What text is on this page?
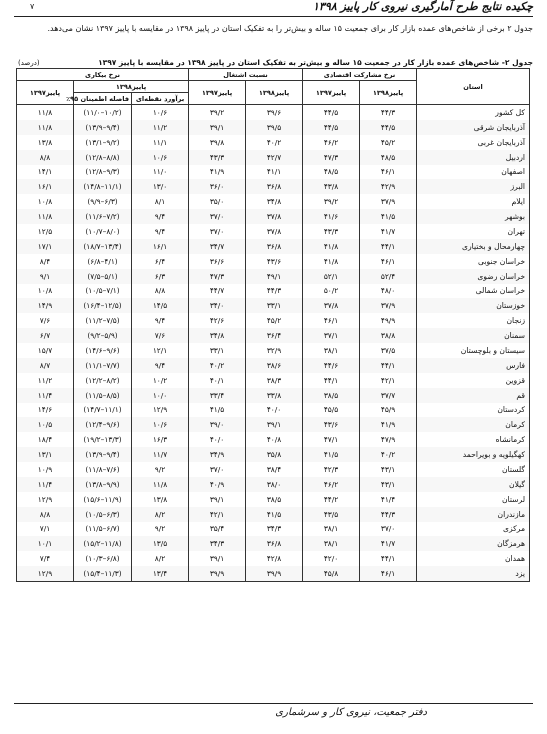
چکیده نتایج طرح آمارگیری نیروی کار پاییز ۱۳۹۸
۷
جدول ۲ برخی از شاخص‌های عمده بازار کار برای جمعیت ۱۵ ساله و بیش‌تر را به تفکیک استان در پاییز ۱۳۹۸ در مقایسه با پاییز ۱۳۹۷ نشان می‌دهد.
جدول ۲- شاخص‌های عمده بازار کار در جمعیت ۱۵ ساله و بیش‌تر به تفکیک استان در پاییز ۱۳۹۸ در مقایسه با پاییز ۱۳۹۷
(درصد)
استان	نرخ مشارکت اقتصادی		نسبت اشتغال		نرخ بیکاری		
	پاییز۱۳۹۸	پاییز۱۳۹۷	پاییز۱۳۹۸	پاییز۱۳۹۷	پاییز۱۳۹۸		پاییز۱۳۹۷
					برآورد نقطه‌ای	فاصله اطمینان ۹۵٪	
کل کشور	۴۴/۳	۴۴/۵	۳۹/۶	۳۹/۲	۱۰/۶	(۱۰/۲–۱۱/۰)	۱۱/۸
آذربایجان شرقی	۴۴/۵	۴۴/۵	۳۹/۵	۳۹/۱	۱۱/۲	(۹/۴–۱۳/۹)	۱۱/۸
آذربایجان غربی	۴۵/۲	۴۶/۲	۴۰/۲	۳۹/۸	۱۱/۱	(۹/۲–۱۳/۱)	۱۳/۸
اردبیل	۴۸/۵	۴۷/۳	۴۲/۷	۴۳/۳	۱۰/۶	(۸/۸–۱۲/۸)	۸/۸
اصفهان	۴۶/۱	۴۸/۵	۴۱/۱	۴۱/۹	۱۱/۰	(۹/۳–۱۲/۸)	۱۴/۱
البرز	۴۲/۹	۴۳/۸	۳۶/۸	۳۶/۰	۱۳/۰	(۱۱/۱–۱۴/۸)	۱۶/۱
ایلام	۳۷/۹	۳۹/۲	۳۴/۸	۳۵/۰	۸/۱	(۶/۳–۹/۹)	۱۰/۸
بوشهر	۴۱/۵	۴۱/۶	۳۷/۸	۳۷/۰	۹/۴	(۷/۲–۱۱/۶)	۱۱/۸
تهران	۴۱/۷	۴۳/۳	۳۷/۸	۳۷/۰	۹/۴	(۸/۰–۱۰/۷)	۱۲/۵
چهارمحال و بختیاری	۴۴/۱	۴۱/۸	۳۶/۸	۳۴/۷	۱۶/۱	(۱۳/۴–۱۸/۷)	۱۷/۱
خراسان جنوبی	۴۶/۱	۴۱/۸	۴۳/۶	۳۶/۶	۶/۴	(۴/۱–۶/۸)	۸/۴
خراسان رضوی	۵۲/۴	۵۲/۱	۴۹/۱	۴۷/۳	۶/۳	(۵/۱–۷/۵)	۹/۱
خراسان شمالی	۴۸/۰	۵۰/۲	۴۴/۳	۴۴/۷	۸/۸	(۷/۱–۱۰/۵)	۱۰/۸
خوزستان	۳۷/۹	۳۷/۸	۳۳/۱	۳۴/۰	۱۴/۵	(۱۲/۵–۱۶/۴)	۱۴/۹
زنجان	۴۹/۹	۴۶/۱	۴۵/۲	۴۲/۶	۹/۴	(۷/۵–۱۱/۲)	۷/۶
سمنان	۳۸/۸	۳۷/۱	۳۶/۴	۳۴/۸	۷/۶	(۵/۹–۹/۲)	۶/۷
سیستان و بلوچستان	۳۷/۵	۳۸/۱	۳۲/۹	۳۳/۱	۱۲/۱	(۹/۶–۱۴/۶)	۱۵/۷
فارس	۴۴/۱	۴۴/۶	۳۸/۶	۴۰/۲	۹/۴	(۷/۷–۱۱/۱)	۸/۷
قزوین	۴۲/۱	۴۴/۱	۳۸/۳	۴۰/۱	۱۰/۲	(۸/۲–۱۲/۲)	۱۱/۲
قم	۳۷/۷	۳۸/۵	۳۳/۸	۳۳/۴	۱۰/۰	(۸/۵–۱۱/۵)	۱۱/۴
کردستان	۴۵/۹	۴۵/۵	۴۰/۰	۴۱/۵	۱۲/۹	(۱۱/۱–۱۴/۷)	۱۴/۶
کرمان	۴۱/۹	۴۳/۶	۳۹/۱	۳۹/۰	۱۰/۶	(۹/۶–۱۲/۴)	۱۰/۵
کرمانشاه	۴۷/۹	۴۷/۱	۴۰/۸	۴۰/۰	۱۶/۳	(۱۳/۳–۱۹/۲)	۱۸/۴
کهگیلویه و بویراحمد	۴۰/۲	۴۱/۵	۳۵/۸	۳۴/۹	۱۱/۷	(۹/۴–۱۳/۹)	۱۳/۱
گلستان	۴۳/۱	۴۲/۳	۳۸/۴	۳۷/۰	۹/۲	(۷/۶–۱۱/۸)	۱۰/۹
گیلان	۴۳/۱	۴۶/۲	۳۸/۰	۴۰/۹	۱۱/۸	(۹/۹–۱۳/۸)	۱۱/۴
لرستان	۴۱/۴	۴۴/۲	۳۸/۵	۳۹/۱	۱۳/۸	(۱۱/۹–۱۵/۶)	۱۲/۹
مازندران	۴۴/۳	۴۳/۵	۴۱/۵	۴۲/۱	۸/۲	(۶/۳–۱۰/۵)	۸/۸
مرکزی	۳۷/۰	۳۸/۱	۳۴/۳	۳۵/۴	۹/۲	(۶/۷–۱۱/۵)	۷/۱
هرمزگان	۴۱/۷	۳۸/۱	۳۶/۸	۳۴/۳	۱۳/۵	(۱۱/۸–۱۵/۲)	۱۰/۱
همدان	۴۴/۱	۴۲/۰	۴۲/۸	۳۹/۱	۸/۲	(۶/۸–۱۰/۳)	۷/۴
یزد	۴۶/۱	۴۵/۸	۳۹/۹	۳۹/۹	۱۳/۴	(۱۱/۳–۱۵/۴)	۱۲/۹
دفتر جمعیت، نیروی کار و سرشماری
